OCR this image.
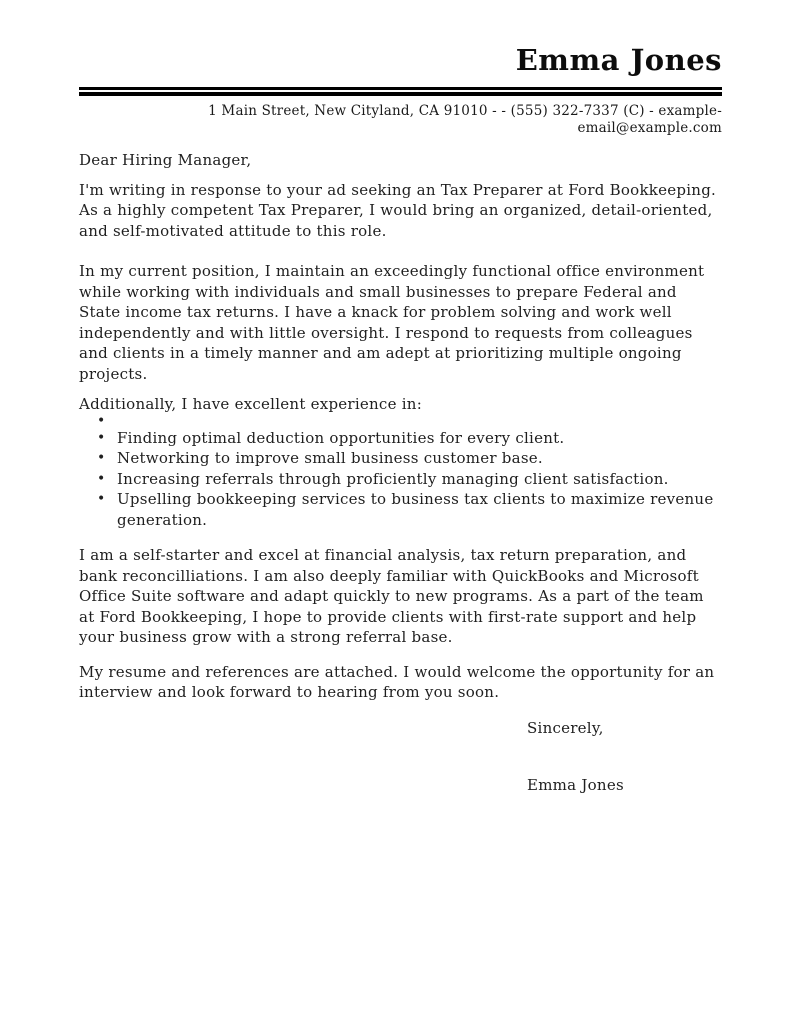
Emma Jones
1 Main Street, New Cityland, CA 91010 - - (555) 322-7337 (C) - example-email@example.com

Dear Hiring Manager,

I'm writing in response to your ad seeking an Tax Preparer at Ford Bookkeeping. As a highly competent Tax Preparer, I would bring an organized, detail-oriented, and self-motivated attitude to this role.

In my current position, I maintain an exceedingly functional office environment while working with individuals and small businesses to prepare Federal and State income tax returns. I have a knack for problem solving and work well independently and with little oversight. I respond to requests from colleagues and clients in a timely manner and am adept at prioritizing multiple ongoing projects.

Additionally, I have excellent experience in:

•
• Finding optimal deduction opportunities for every client.
• Networking to improve small business customer base.
• Increasing referrals through proficiently managing client satisfaction.
• Upselling bookkeeping services to business tax clients to maximize revenue generation.

I am a self-starter and excel at financial analysis, tax return preparation, and bank reconcilliations. I am also deeply familiar with QuickBooks and Microsoft Office Suite software and adapt quickly to new programs. As a part of the team at Ford Bookkeeping, I hope to provide clients with first-rate support and help your business grow with a strong referral base.

My resume and references are attached. I would welcome the opportunity for an interview and look forward to hearing from you soon.

Sincerely,

Emma Jones
